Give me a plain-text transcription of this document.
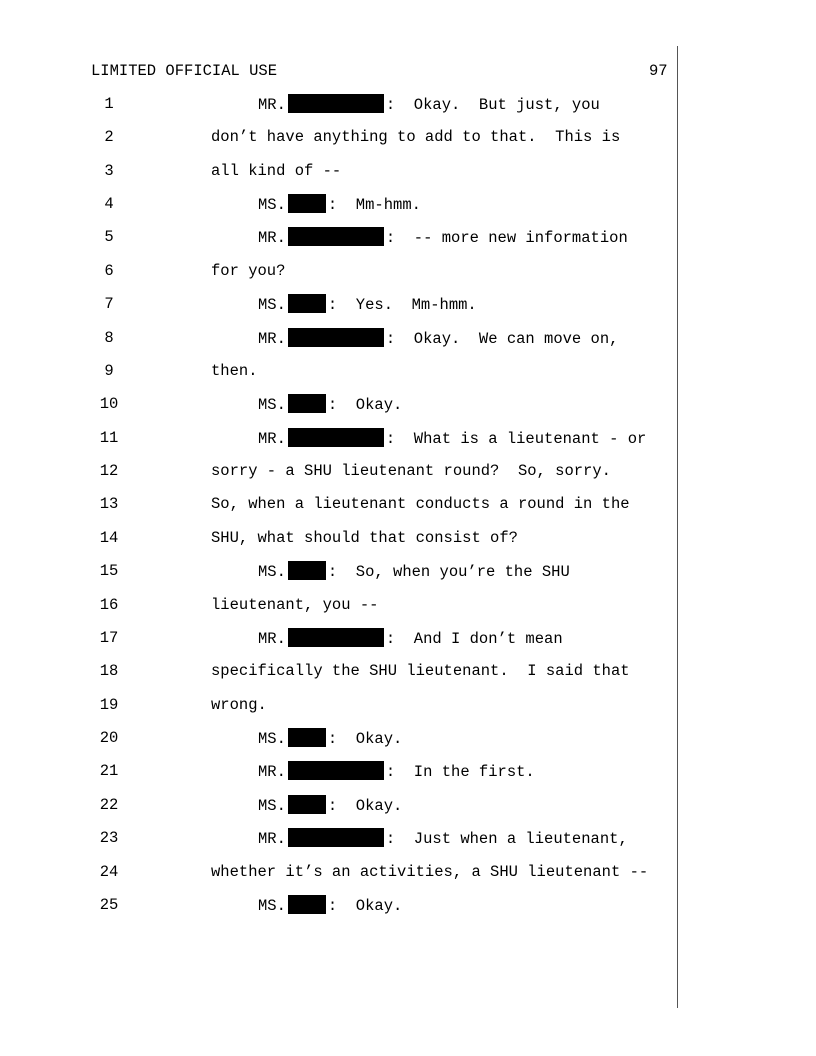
LIMITED OFFICIAL USE	97
1	MR.	:  Okay.  But just, you
2	don’t have anything to add to that.  This is
3	all kind of --
4	MS.	:  Mm-hmm.
5	MR.	:  -- more new information
6	for you?
7	MS.	:  Yes.  Mm-hmm.
8	MR.	:  Okay.  We can move on,
9	then.
10	MS.	:  Okay.
11	MR.	:  What is a lieutenant - or
12	sorry - a SHU lieutenant round?  So, sorry.
13	So, when a lieutenant conducts a round in the
14	SHU, what should that consist of?
15	MS.	:  So, when you’re the SHU
16	lieutenant, you --
17	MR.	:  And I don’t mean
18	specifically the SHU lieutenant.  I said that
19	wrong.
20	MS.	:  Okay.
21	MR.	:  In the first.
22	MS.	:  Okay.
23	MR.	:  Just when a lieutenant,
24	whether it’s an activities, a SHU lieutenant --
25	MS.	:  Okay.
